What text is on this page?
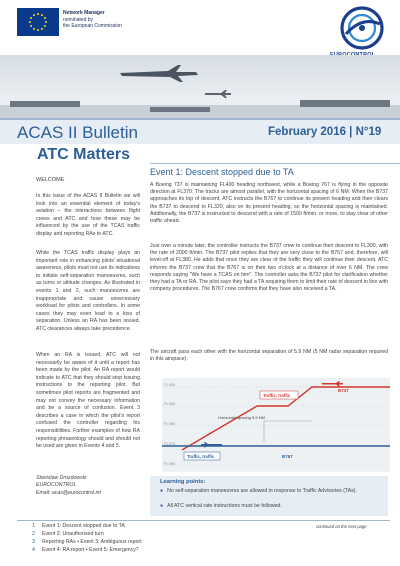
Network Manager
nominated by
the European Commission
ACAS II Bulletin	February 2016 | N°19
ATC Matters
WELCOME
In this issue of the ACAS II Bulletin we will look into an essential element of today's aviation – the interactions between flight crews and ATC and how these may be influenced by the use of the TCAS traffic display and reporting RAs to ATC.
While the TCAS traffic display plays an important role in enhancing pilots' situational awareness, pilots must not use its indications to initiate self-separation manoeuvres, such as turns or altitude changes. As illustrated in events 1 and 2, such manoeuvres are inappropriate and cause unnecessary workload for pilots and controllers. In some cases they may even lead to a loss of separation. Unless an RA has been issued, ATC clearances always take precedence.
When an RA is issued, ATC will not necessarily be aware of it until a report has been made by the pilot. An RA report would indicate to ATC that they should stop issuing instructions to the reporting pilot. But sometimes pilot reports are fragmented and may not convey the necessary information and be a source of confusion. Event 3 describes a case in which the pilot's report confused the controller regarding his responsibilities. Further examples of how RA reporting phraseology should and should not be used are given in Events 4 and 5.
Stanislaw Drozdowski
EUROCONTROL
Email: acas@eurocontrol.int
Event 1: Descent stopped due to TA
A Boeing 737 is maintaining FL400 heading northwest, while a Boeing 767 is flying in the opposite direction at FL370. The tracks are almost parallel, with the horizontal spacing of 6 NM. When the B737 approaches its top of descent, ATC instructs the B767 to continue its present heading and then clears the B737 to descend to FL320, also on its present heading, so the horizontal spacing is maintained. Additionally, the B737 is instructed to descend with a rate of 1500 ft/min. or more, to stay clear of other traffic ahead.
Just over a minute later, the controller instructs the B737 crew to continue their descent to FL300, with the rate of 2000 ft/min. The B737 pilot replies that they are very close to the B767 and, therefore, will level-off at FL380. He adds that once they are clear of the traffic they will continue their descent. ATC informs the B737 crew that the B767 is on their two o'clock at a distance of over 6 NM. The crew responds saying "We have a TCAS on him". The controller asks the B737 pilot for clarification whether they had a TA or RA. The pilot says they had a TA requiring them to limit their rate of descent in line with company procedures. The B767 crew confirms that they have also received a TA.
The aircraft pass each other with the horizontal separation of 5.9 NM (5 NM radar separation required in this airspace).
FL400
FL390
FL380
FL370
FL360
B737
B767
Traffic, traffic
Horizontal spacing 5.9 NM
Traffic, traffic
Learning points:
● No self-separation manoeuvres are allowed in response to Traffic Advisories (TAs).
● All ATC vertical rate instructions must be followed.
1 Event 1: Descent stopped due to TA
2 Event 2: Unauthorised turn
3 Reporting RAs • Event 3: Ambiguous report
4 Event 4: RA report • Event 5: Emergency?
continued on the next page
